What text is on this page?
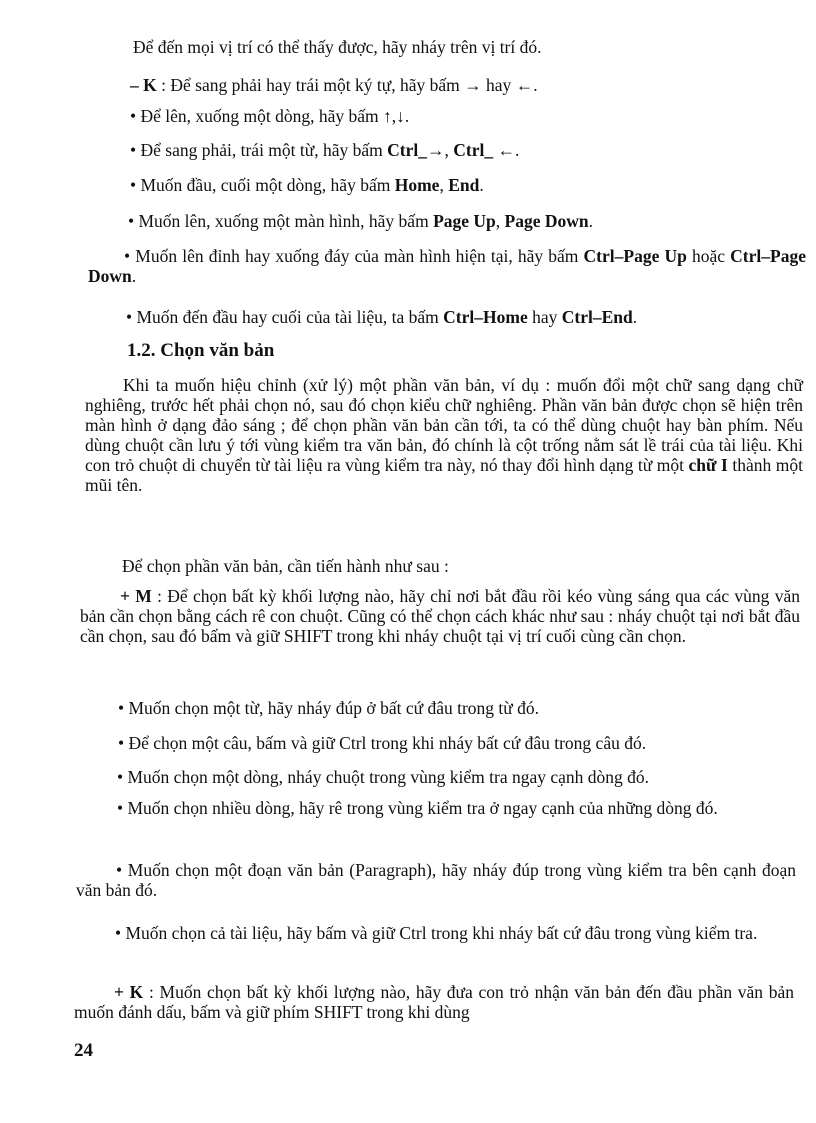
Để đến mọi vị trí có thể thấy được, hãy nháy trên vị trí đó.

– K : Để sang phải hay trái một ký tự, hãy bấm → hay ←.

• Để lên, xuống một dòng, hãy bấm ↑,↓.

• Để sang phải, trái một từ, hãy bấm Ctrl_→, Ctrl_ ←.

• Muốn đầu, cuối một dòng, hãy bấm Home, End.

• Muốn lên, xuống một màn hình, hãy bấm Page Up, Page Down.

• Muốn lên đỉnh hay xuống đáy của màn hình hiện tại, hãy bấm Ctrl–Page Up hoặc Ctrl–Page Down.

• Muốn đến đầu hay cuối của tài liệu, ta bấm Ctrl–Home hay Ctrl–End.

1.2. Chọn văn bản

Khi ta muốn hiệu chỉnh (xử lý) một phần văn bản, ví dụ : muốn đổi một chữ sang dạng chữ nghiêng, trước hết phải chọn nó, sau đó chọn kiểu chữ nghiêng. Phần văn bản được chọn sẽ hiện trên màn hình ở dạng đảo sáng ; để chọn phần văn bản cần tới, ta có thể dùng chuột hay bàn phím. Nếu dùng chuột cần lưu ý tới vùng kiểm tra văn bản, đó chính là cột trống nằm sát lề trái của tài liệu. Khi con trỏ chuột di chuyển từ tài liệu ra vùng kiểm tra này, nó thay đổi hình dạng từ một chữ I thành một mũi tên.

Để chọn phần văn bản, cần tiến hành như sau :

+ M : Để chọn bất kỳ khối lượng nào, hãy chỉ nơi bắt đầu rồi kéo vùng sáng qua các vùng văn bản cần chọn bằng cách rê con chuột. Cũng có thể chọn cách khác như sau : nháy chuột tại nơi bắt đầu cần chọn, sau đó bấm và giữ SHIFT trong khi nháy chuột tại vị trí cuối cùng cần chọn.

• Muốn chọn một từ, hãy nháy đúp ở bất cứ đâu trong từ đó.

• Để chọn một câu, bấm và giữ Ctrl trong khi nháy bất cứ đâu trong câu đó.

• Muốn chọn một dòng, nháy chuột trong vùng kiểm tra ngay cạnh dòng đó.

• Muốn chọn nhiều dòng, hãy rê trong vùng kiểm tra ở ngay cạnh của những dòng đó.

• Muốn chọn một đoạn văn bản (Paragraph), hãy nháy đúp trong vùng kiểm tra bên cạnh đoạn văn bản đó.

• Muốn chọn cả tài liệu, hãy bấm và giữ Ctrl trong khi nháy bất cứ đâu trong vùng kiểm tra.

+ K : Muốn chọn bất kỳ khối lượng nào, hãy đưa con trỏ nhận văn bản đến đầu phần văn bản muốn đánh dấu, bấm và giữ phím SHIFT trong khi dùng

24
